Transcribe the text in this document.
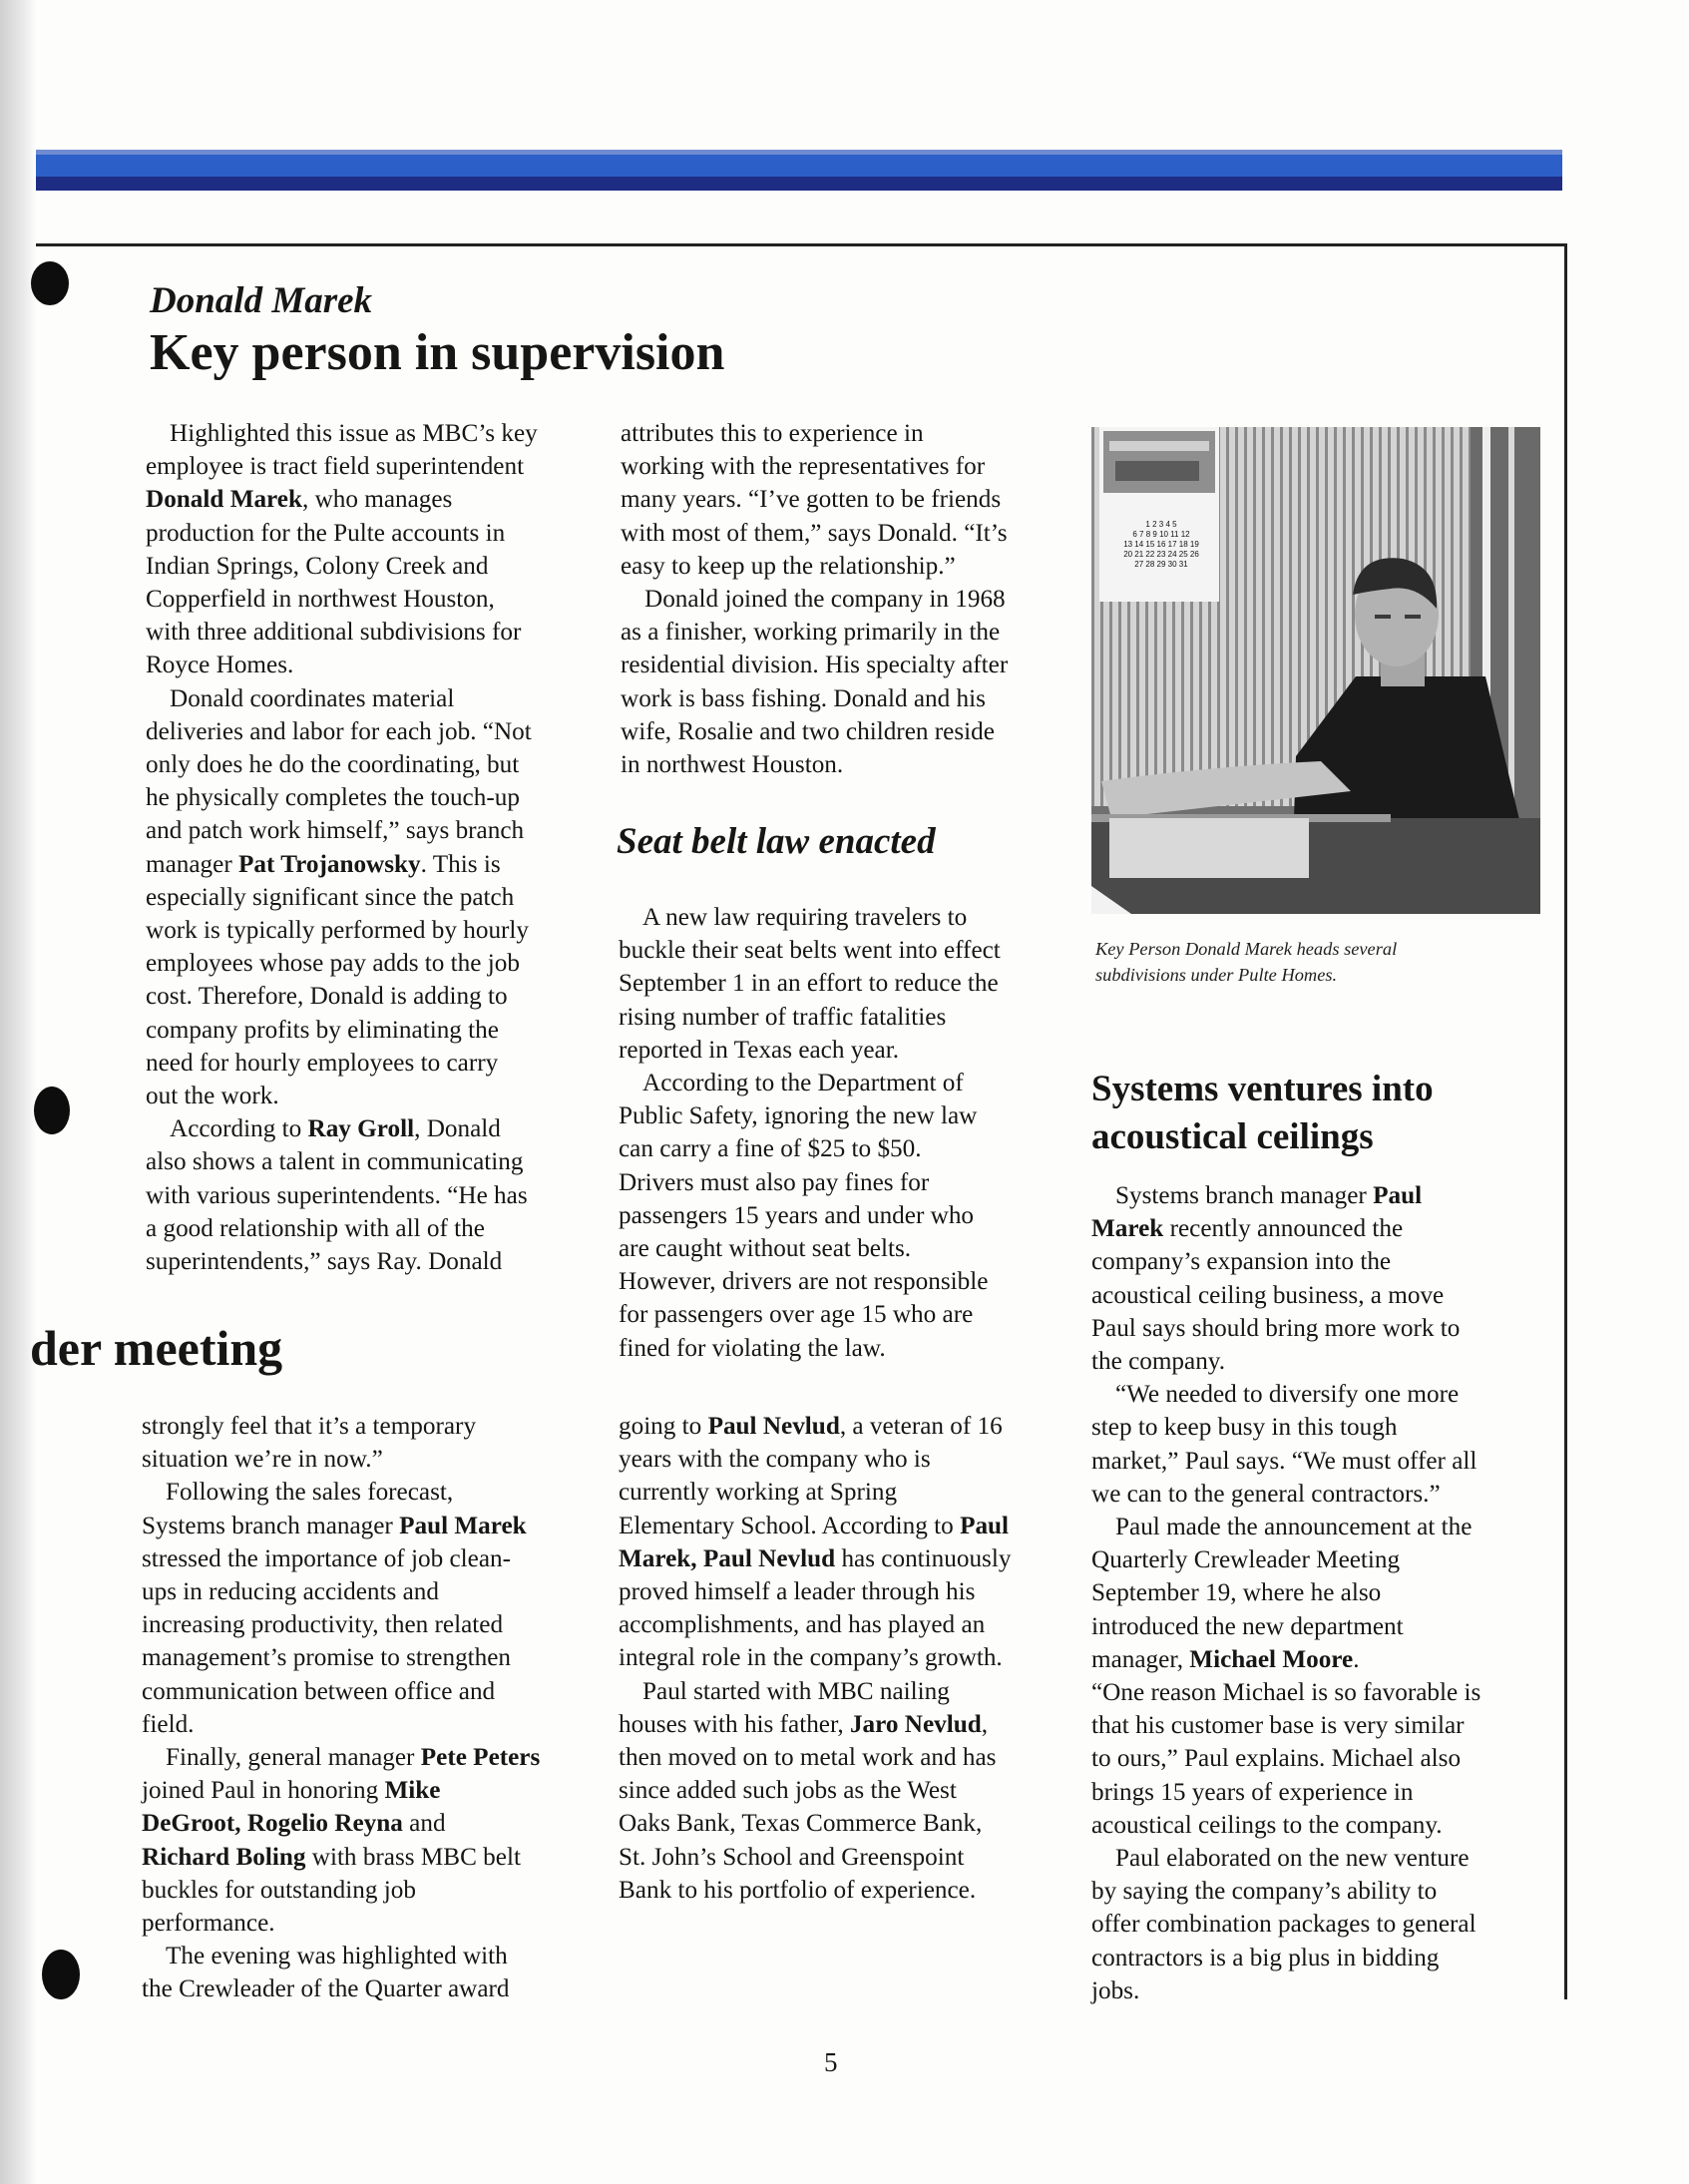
Donald Marek
Key person in supervision

Highlighted this issue as MBC’s key
employee is tract field superintendent
Donald Marek, who manages
production for the Pulte accounts in
Indian Springs, Colony Creek and
Copperfield in northwest Houston,
with three additional subdivisions for
Royce Homes.

Donald coordinates material
deliveries and labor for each job. “Not
only does he do the coordinating, but
he physically completes the touch-up
and patch work himself,” says branch
manager Pat Trojanowsky. This is
especially significant since the patch
work is typically performed by hourly
employees whose pay adds to the job
cost. Therefore, Donald is adding to
company profits by eliminating the
need for hourly employees to carry
out the work.

According to Ray Groll, Donald
also shows a talent in communicating
with various superintendents. “He has
a good relationship with all of the
superintendents,” says Ray. Donald

attributes this to experience in
working with the representatives for
many years. “I’ve gotten to be friends
with most of them,” says Donald. “It’s
easy to keep up the relationship.”

Donald joined the company in 1968
as a finisher, working primarily in the
residential division. His specialty after
work is bass fishing. Donald and his
wife, Rosalie and two children reside
in northwest Houston.

Seat belt law enacted

A new law requiring travelers to
buckle their seat belts went into effect
September 1 in an effort to reduce the
rising number of traffic fatalities
reported in Texas each year.

According to the Department of
Public Safety, ignoring the new law
can carry a fine of $25 to $50.
Drivers must also pay fines for
passengers 15 years and under who
are caught without seat belts.
However, drivers are not responsible
for passengers over age 15 who are
fined for violating the law.

1 2 3 4 5
6 7 8 9 10 11 12
13 14 15 16 17 18 19
20 21 22 23 24 25 26
27 28 29 30 31
Key Person Donald Marek heads several subdivisions under Pulte Homes.
Systems ventures into
acoustical ceilings

Systems branch manager Paul
Marek recently announced the
company’s expansion into the
acoustical ceiling business, a move
Paul says should bring more work to
the company.

“We needed to diversify one more
step to keep busy in this tough
market,” Paul says. “We must offer all
we can to the general contractors.”

Paul made the announcement at the
Quarterly Crewleader Meeting
September 19, where he also
introduced the new department
manager, Michael Moore.

“One reason Michael is so favorable is
that his customer base is very similar
to ours,” Paul explains. Michael also
brings 15 years of experience in
acoustical ceilings to the company.

Paul elaborated on the new venture
by saying the company’s ability to
offer combination packages to general
contractors is a big plus in bidding
jobs.

der meeting

strongly feel that it’s a temporary
situation we’re in now.”

Following the sales forecast,
Systems branch manager Paul Marek
stressed the importance of job clean-
ups in reducing accidents and
increasing productivity, then related
management’s promise to strengthen
communication between office and
field.

Finally, general manager Pete Peters
joined Paul in honoring Mike
DeGroot, Rogelio Reyna and
Richard Boling with brass MBC belt
buckles for outstanding job
performance.

The evening was highlighted with
the Crewleader of the Quarter award

going to Paul Nevlud, a veteran of 16
years with the company who is
currently working at Spring
Elementary School. According to Paul
Marek, Paul Nevlud has continuously
proved himself a leader through his
accomplishments, and has played an
integral role in the company’s growth.

Paul started with MBC nailing
houses with his father, Jaro Nevlud,
then moved on to metal work and has
since added such jobs as the West
Oaks Bank, Texas Commerce Bank,
St. John’s School and Greenspoint
Bank to his portfolio of experience.

5
